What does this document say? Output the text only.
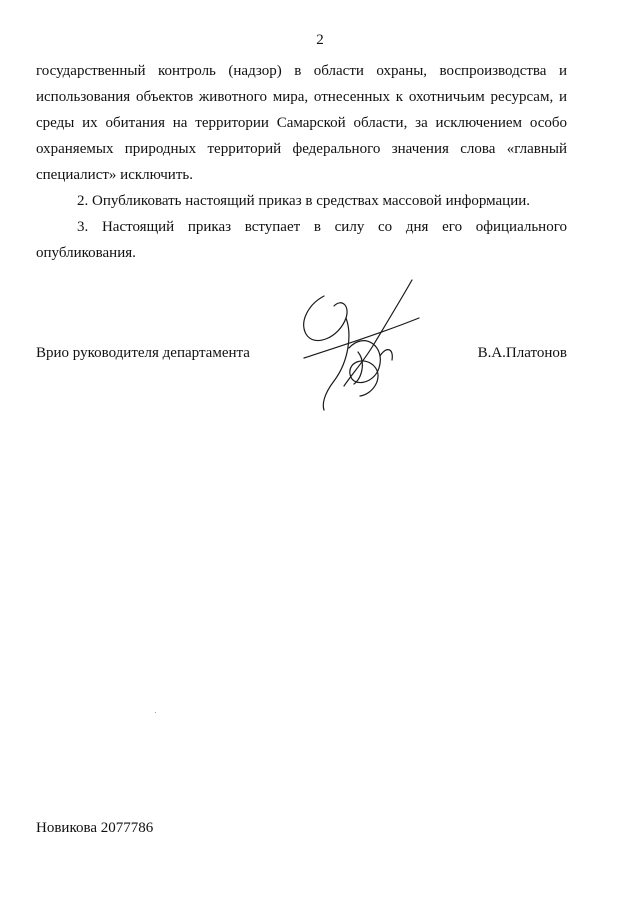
2

государственный контроль (надзор) в области охраны, воспроизводства и использования объектов животного мира, отнесенных к охотничьим ресурсам, и среды их обитания на территории Самарской области, за исключением особо охраняемых природных территорий федерального значения слова «главный специалист» исключить.

2. Опубликовать настоящий приказ в средствах массовой информации.

3. Настоящий приказ вступает в силу со дня его официального опубликования.

Врио руководителя департамента	В.А.Платонов
Новикова 2077786
